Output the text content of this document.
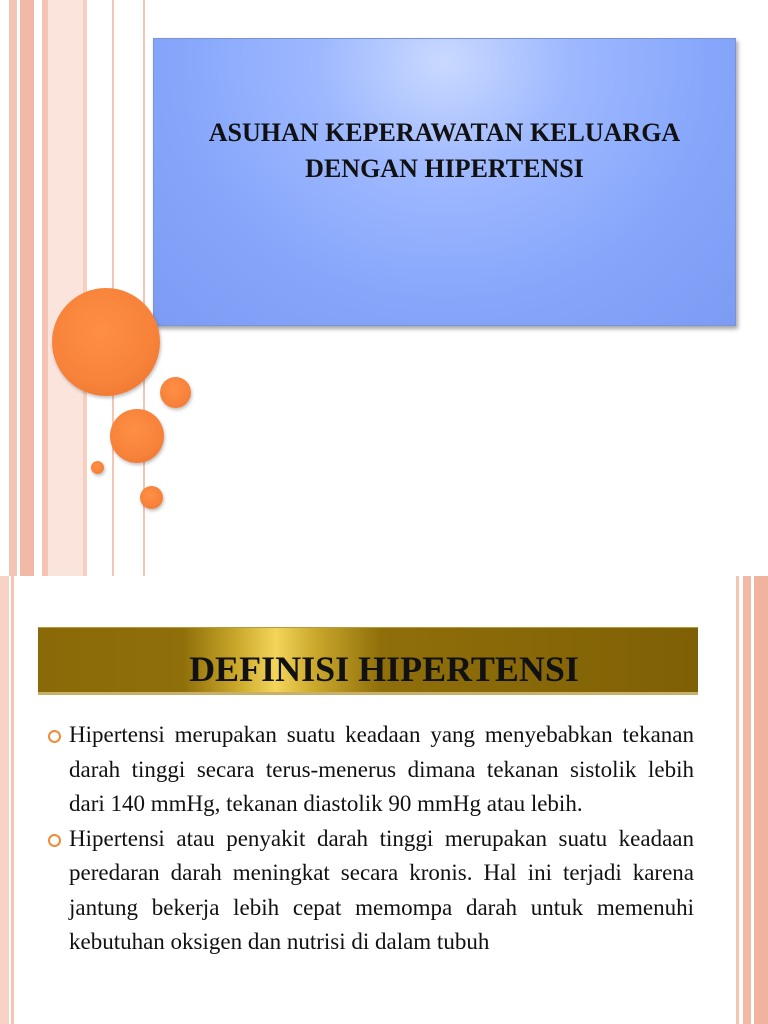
ASUHAN KEPERAWATAN KELUARGA
DENGAN HIPERTENSI
DEFINISI HIPERTENSI
Hipertensi merupakan suatu keadaan yang menyebabkan tekanan darah tinggi secara terus-menerus dimana tekanan sistolik lebih dari 140 mmHg, tekanan diastolik 90 mmHg atau lebih.
Hipertensi atau penyakit darah tinggi merupakan suatu keadaan peredaran darah meningkat secara kronis. Hal ini terjadi karena jantung bekerja lebih cepat memompa darah untuk memenuhi kebutuhan oksigen dan nutrisi di dalam tubuh
